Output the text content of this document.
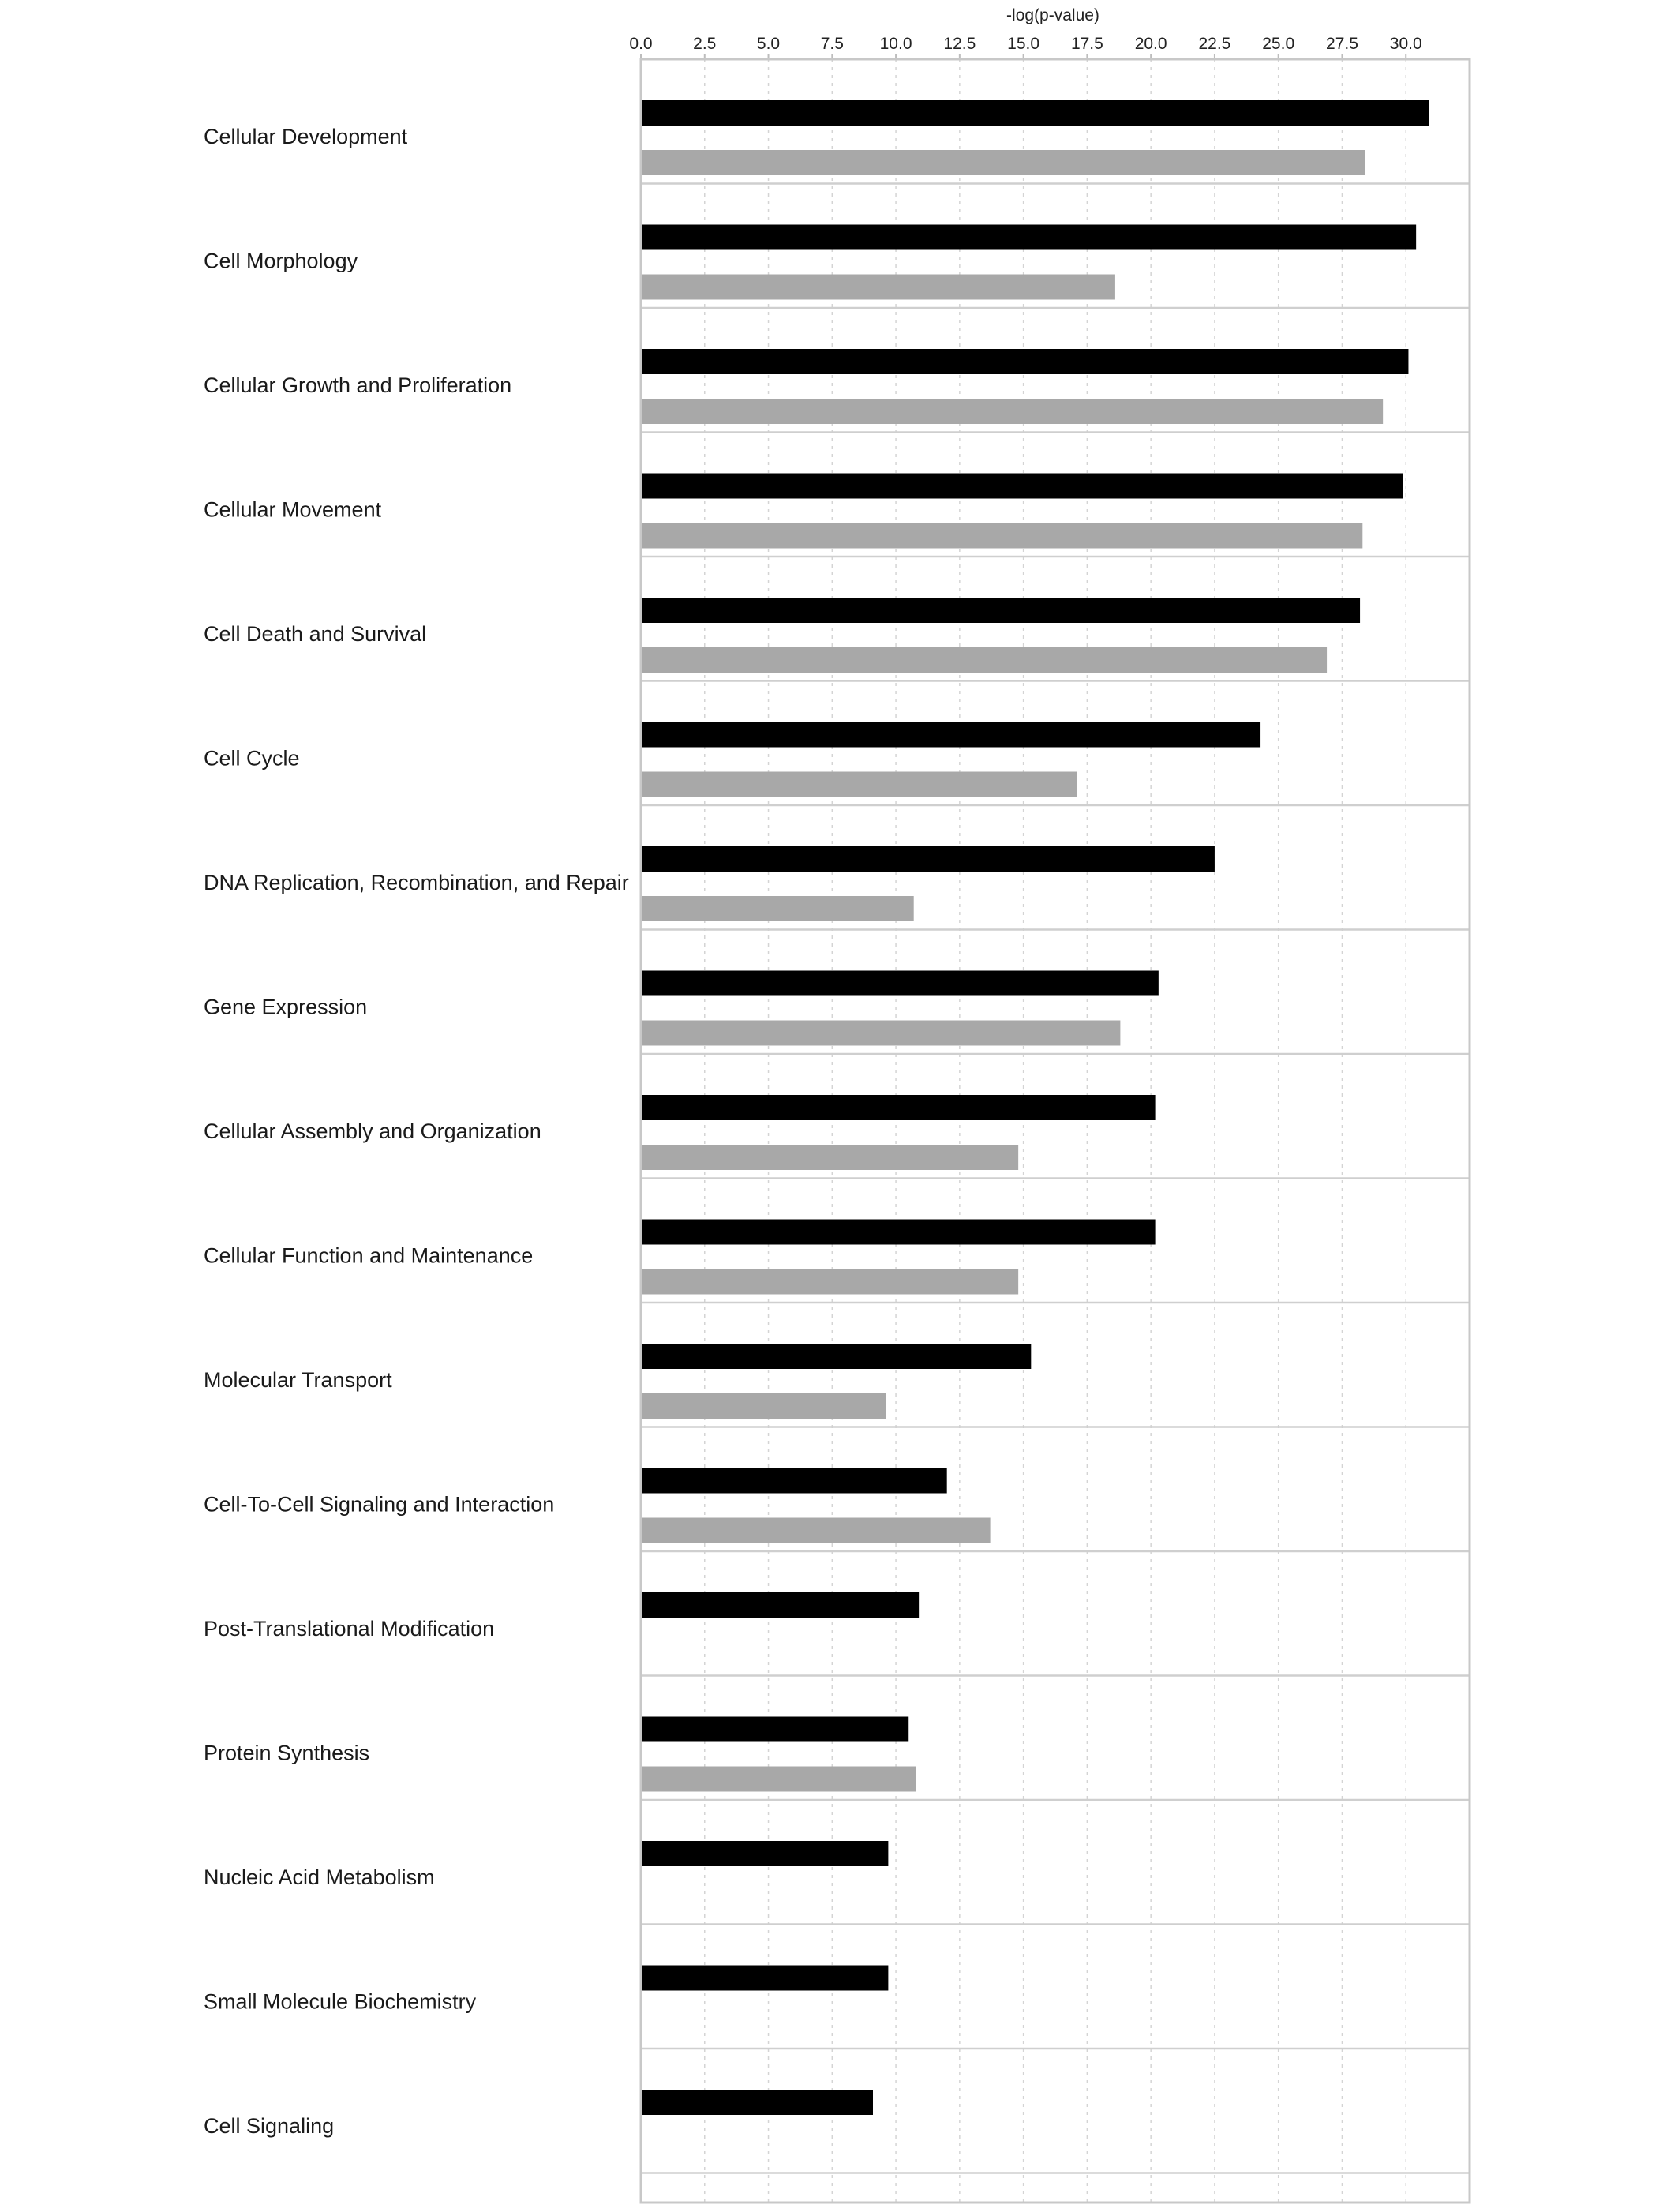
-log(p-value)
0.0 2.5 5.0 7.5 10.0 12.5 15.0 17.5 20.0 22.5 25.0 27.5 30.0
Cellular Development
Cell Morphology
Cellular Growth and Proliferation
Cellular Movement
Cell Death and Survival
Cell Cycle
DNA Replication, Recombination, and Repair
Gene Expression
Cellular Assembly and Organization
Cellular Function and Maintenance
Molecular Transport
Cell-To-Cell Signaling and Interaction
Post-Translational Modification
Protein Synthesis
Nucleic Acid Metabolism
Small Molecule Biochemistry
Cell Signaling
